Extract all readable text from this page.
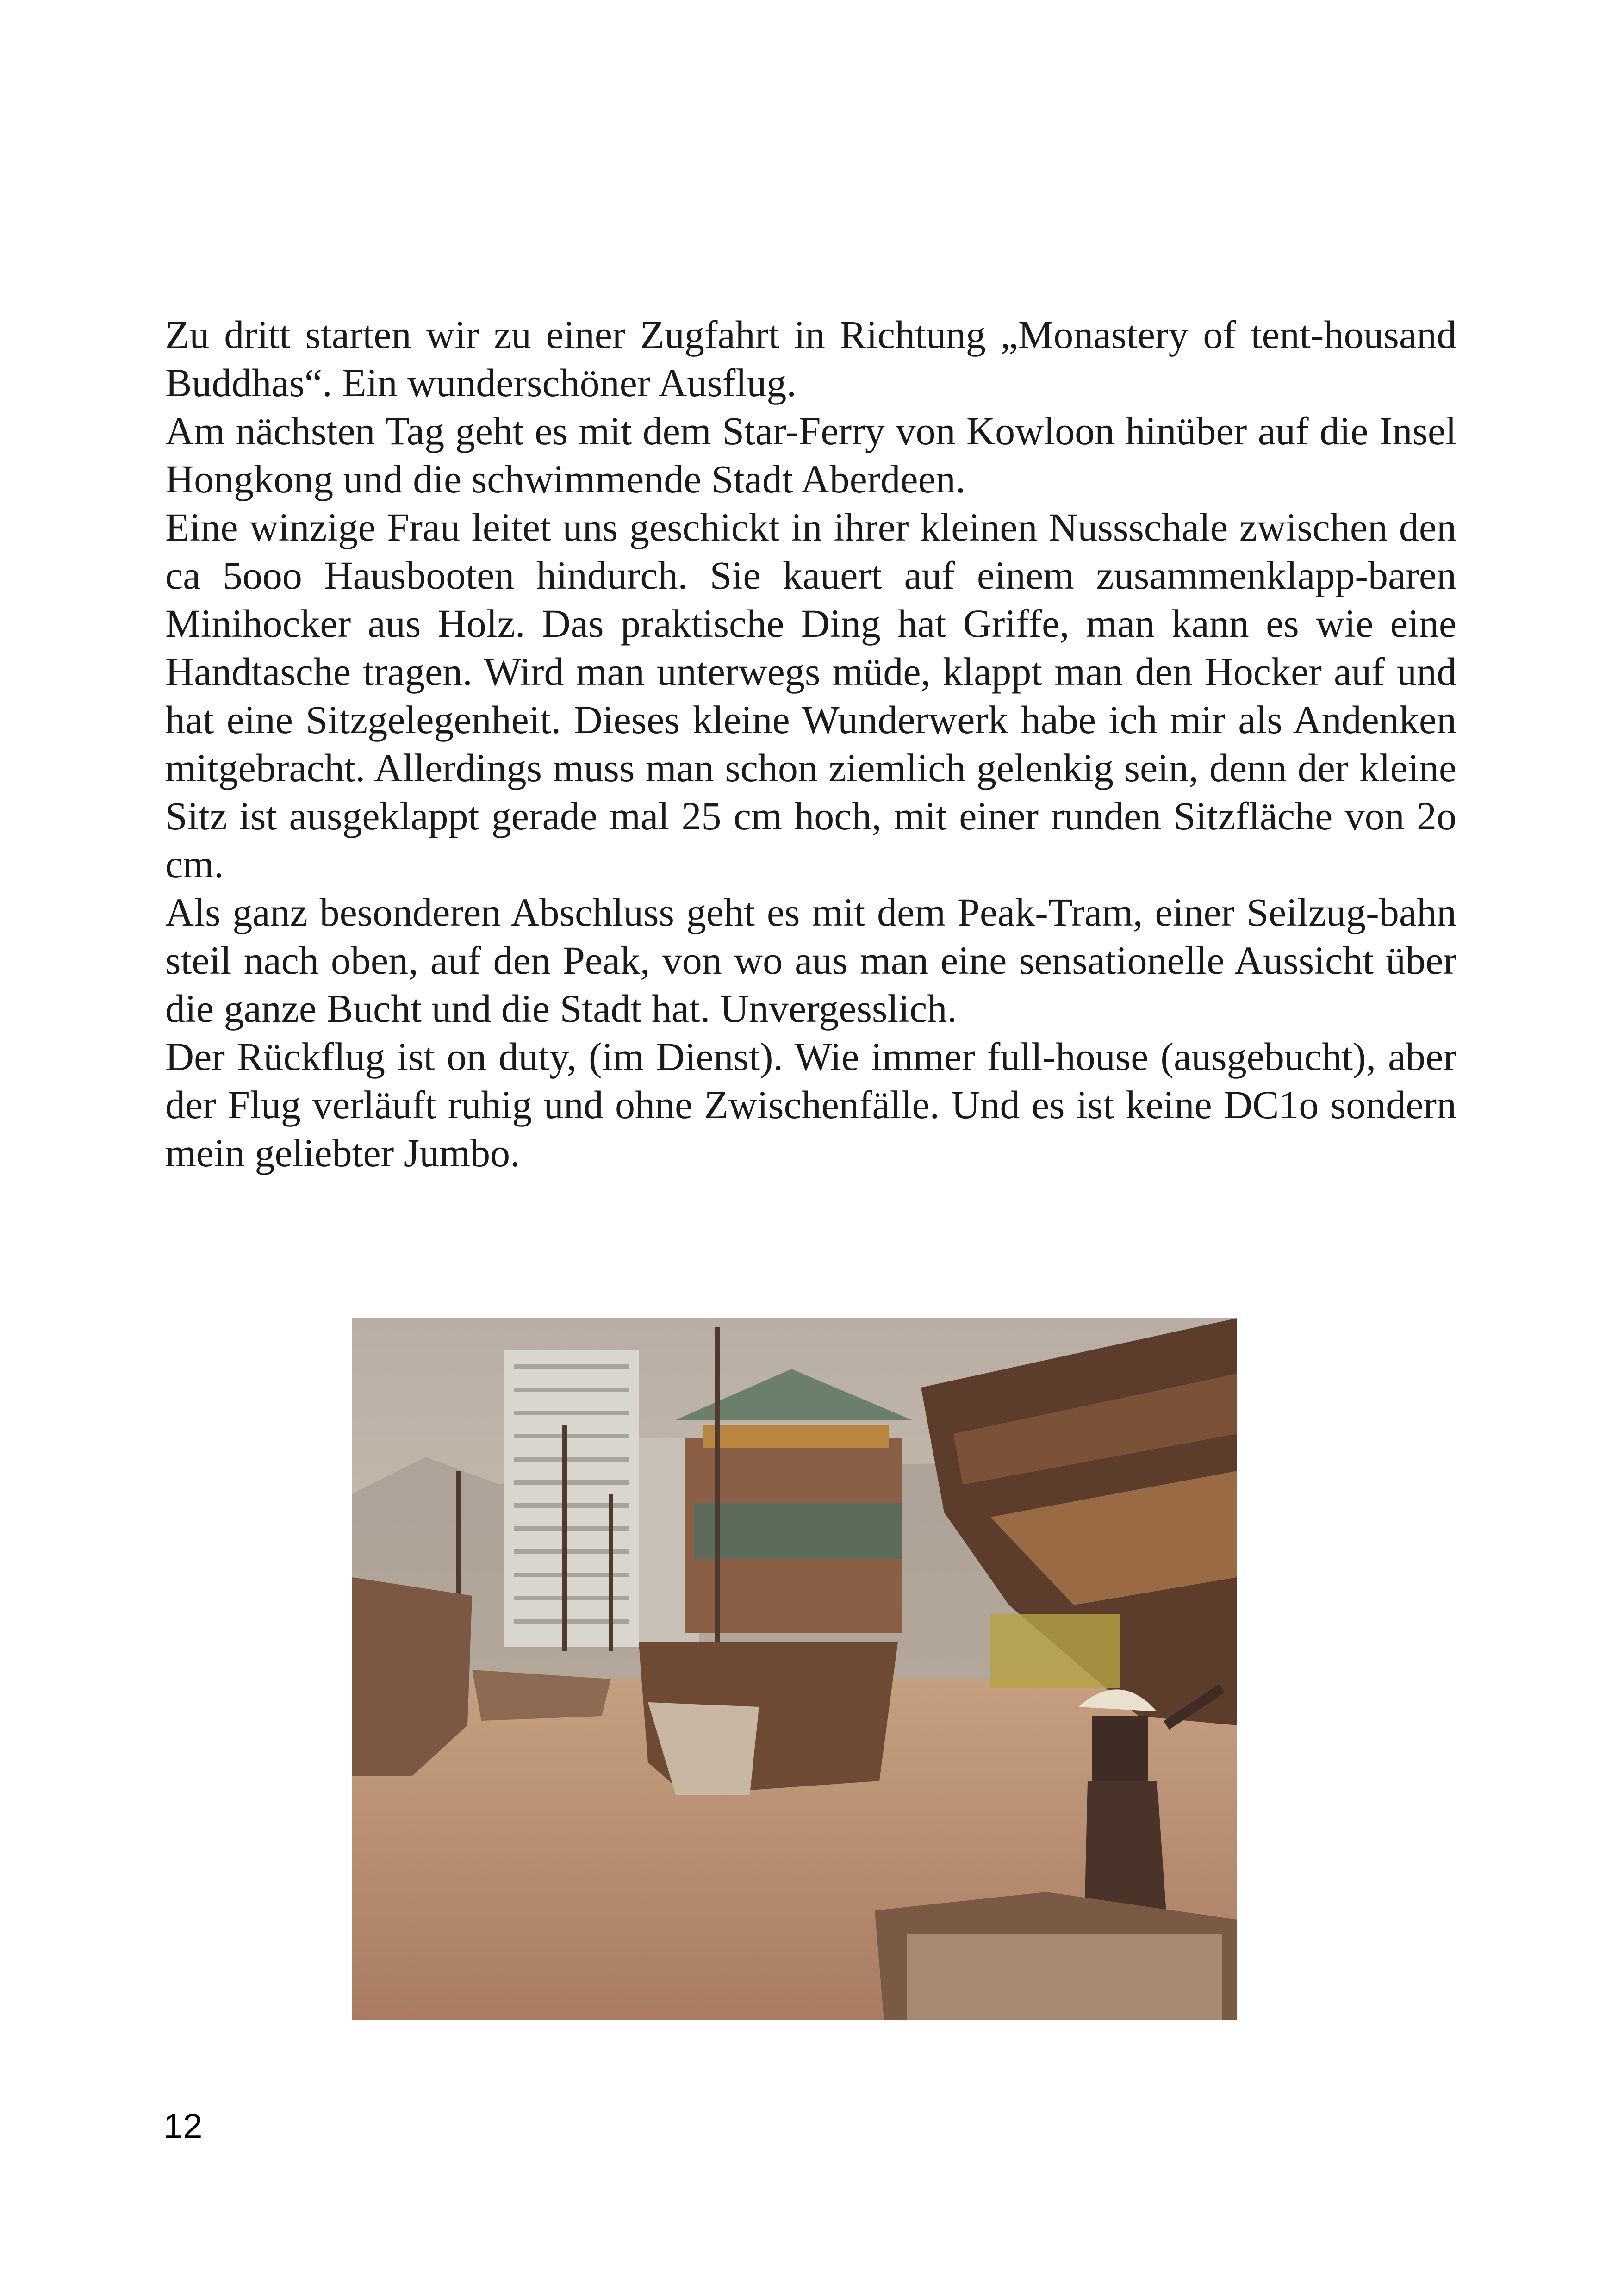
Zu dritt starten wir zu einer Zugfahrt in Richtung „Monastery of tent-housand Buddhas“. Ein wunderschöner Ausflug.

Am nächsten Tag geht es mit dem Star-Ferry von Kowloon hinüber auf die Insel Hongkong und die schwimmende Stadt Aberdeen.

Eine winzige Frau leitet uns geschickt in ihrer kleinen Nussschale zwischen den ca 5ooo Hausbooten hindurch. Sie kauert auf einem zusammenklapp-baren Minihocker aus Holz. Das praktische Ding hat Griffe, man kann es wie eine Handtasche tragen. Wird man unterwegs müde, klappt man den Hocker auf und hat eine Sitzgelegenheit. Dieses kleine Wunderwerk habe ich mir als Andenken mitgebracht. Allerdings muss man schon ziemlich gelenkig sein, denn der kleine Sitz ist ausgeklappt gerade mal 25 cm hoch, mit einer runden Sitzfläche von 2o cm.

Als ganz besonderen Abschluss geht es mit dem Peak-Tram, einer Seilzug-bahn steil nach oben, auf den Peak, von wo aus man eine sensationelle Aussicht über die ganze Bucht und die Stadt hat. Unvergesslich.

Der Rückflug ist on duty, (im Dienst). Wie immer full-house (ausgebucht), aber der Flug verläuft ruhig und ohne Zwischenfälle. Und es ist keine DC1o sondern mein geliebter Jumbo.

12
